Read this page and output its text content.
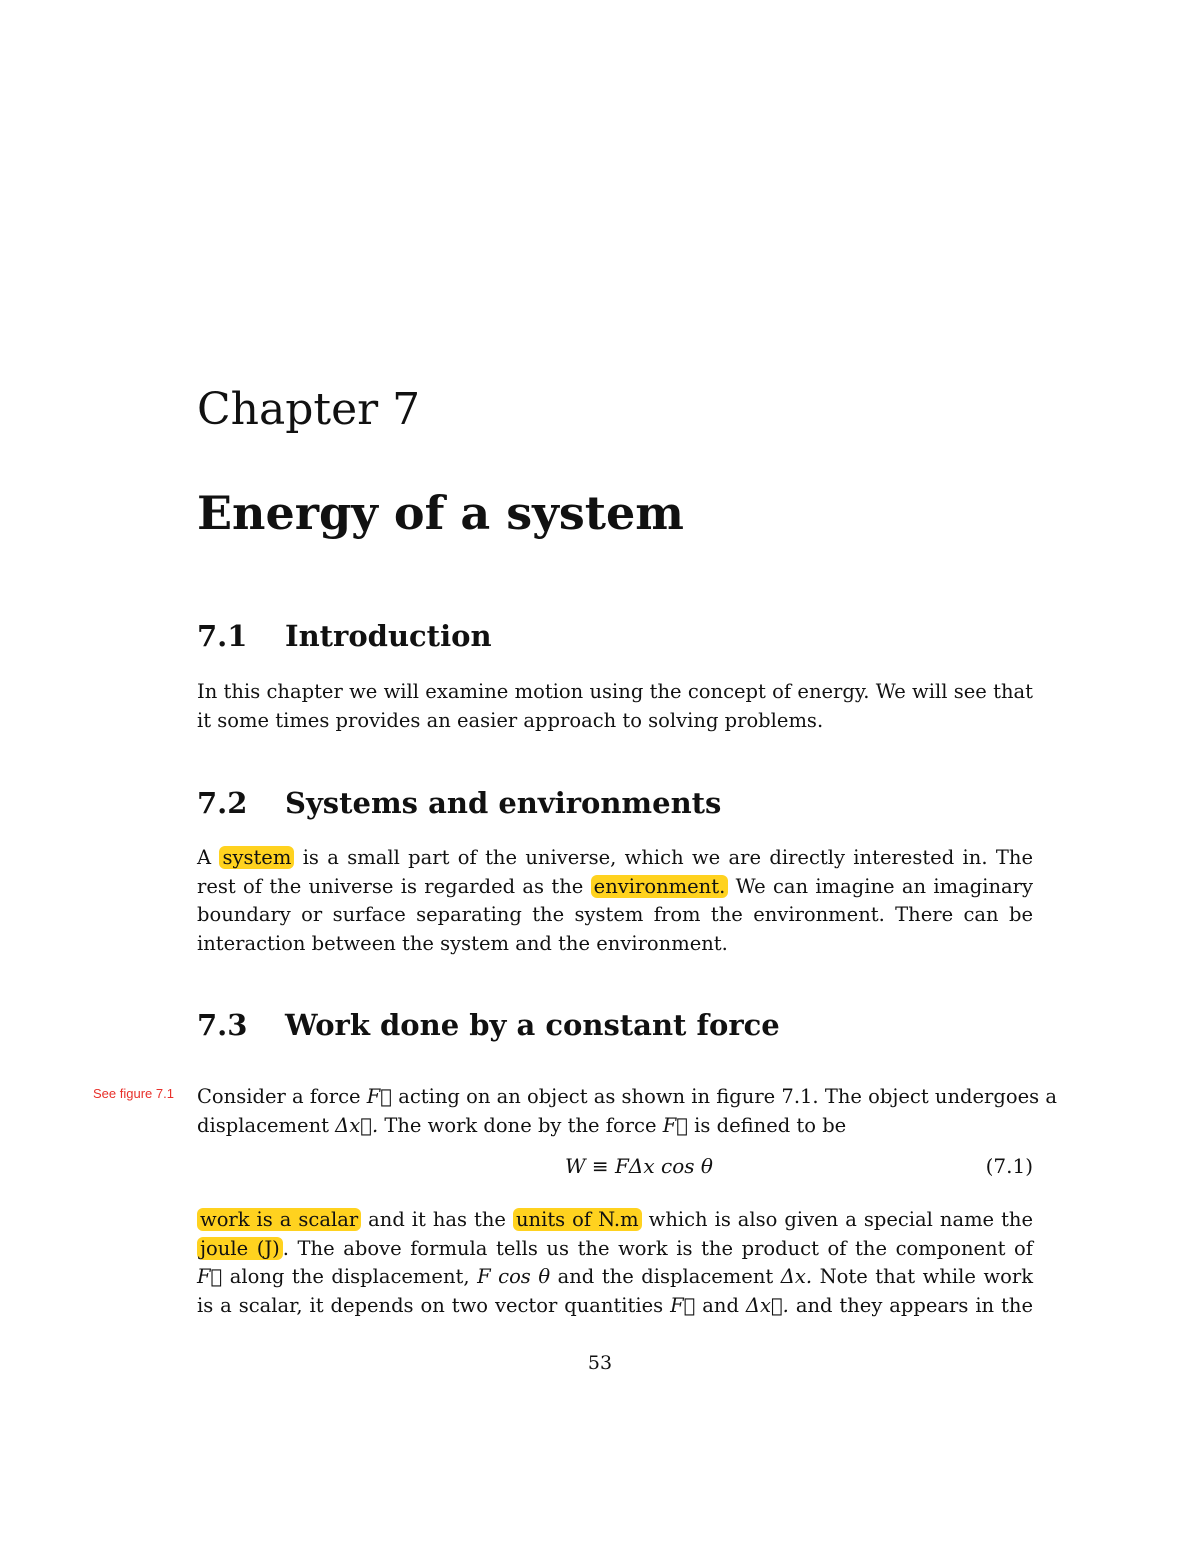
Chapter 7
Energy of a system
7.1 Introduction
In this chapter we will examine motion using the concept of energy. We will see that
it some times provides an easier approach to solving problems.
7.2 Systems and environments
A system is a small part of the universe, which we are directly interested in. The
rest of the universe is regarded as the environment. We can imagine an imaginary
boundary or surface separating the system from the environment. There can be
interaction between the system and the environment.
7.3 Work done by a constant force
See figure 7.1 Consider a force F⃗ acting on an object as shown in figure 7.1. The object undergoes a
displacement Δx⃗. The work done by the force F⃗ is defined to be
W ≡ FΔx cos θ	(7.1)
work is a scalar and it has the units of N.m which is also given a special name the
joule (J) . The above formula tells us the work is the product of the component of
F⃗ along the displacement, F cos θ and the displacement Δx. Note that while work
is a scalar, it depends on two vector quantities F⃗ and Δx⃗. and they appears in the
53
